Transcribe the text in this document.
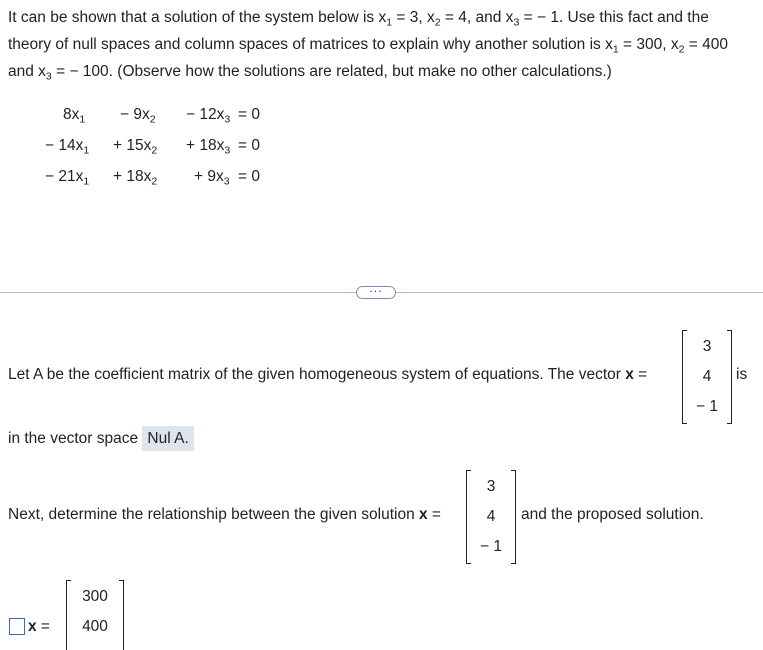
It can be shown that a solution of the system below is $x_1 = 3$, $x_2 = 4$, and $x_3$ = − 1. Use this fact and the

theory of null spaces and column spaces of matrices to explain why another solution is $x_1 = 300$, $x_2 = 400$

and $x_3$ = − 100. (Observe how the solutions are related, but make no other calculations.)

$8x_1 - 9x_2 - 12x_3 = 0$
− $14x_1 + 15x_2 + 18x_3 = 0$
− $21x_1 + 18x_2 + 9x_3 = 0$
···
Let A be the coefficient matrix of the given homogeneous system of equations. The vector x =
3
4
− 1
is
in the vector space Nul A.
Next, determine the relationship between the given solution x =
3
4
− 1
and the proposed solution.
x =
300
400
